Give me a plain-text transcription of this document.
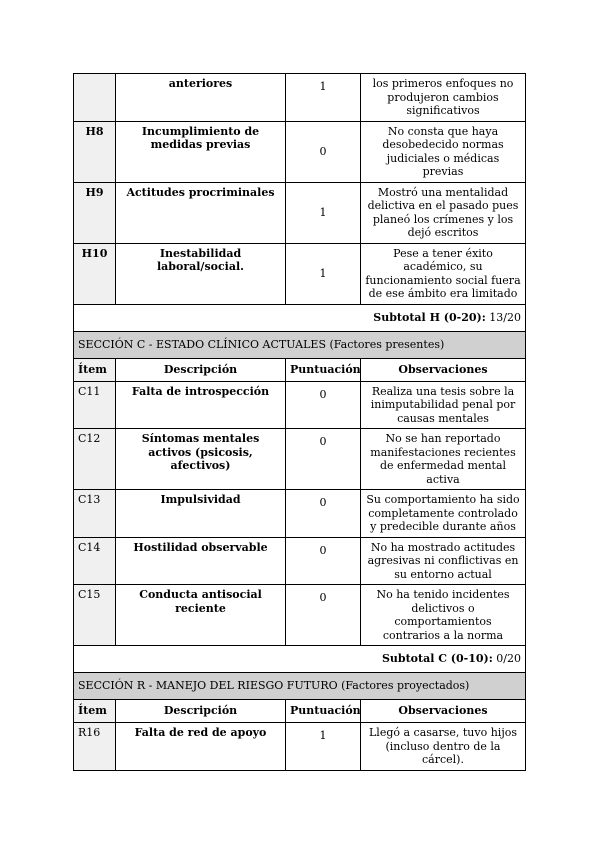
	anteriores	1	los primeros enfoques no produjeron cambios significativos
H8	Incumplimiento de medidas previas	0	No consta que haya desobedecido normas judiciales o médicas previas
H9	Actitudes procriminales	1	Mostró una mentalidad delictiva en el pasado pues planeó los crímenes y los dejó escritos
H10	Inestabilidad laboral/social.	1	Pese a tener éxito académico, su funcionamiento social fuera de ese ámbito era limitado
Subtotal H (0-20): 13/20			
SECCIÓN C - ESTADO CLÍNICO ACTUALES (Factores presentes)			
Ítem	Descripción	Puntuación	Observaciones
C11	Falta de introspección	0	Realiza una tesis sobre la inimputabilidad penal por causas mentales
C12	Síntomas mentales activos (psicosis, afectivos)	0	No se han reportado manifestaciones recientes de enfermedad mental activa
C13	Impulsividad	0	Su comportamiento ha sido completamente controlado y predecible durante años
C14	Hostilidad observable	0	No ha mostrado actitudes agresivas ni conflictivas en su entorno actual
C15	Conducta antisocial reciente	0	No ha tenido incidentes delictivos o comportamientos contrarios a la norma
Subtotal C (0-10): 0/20			
SECCIÓN R - MANEJO DEL RIESGO FUTURO (Factores proyectados)			
Ítem	Descripción	Puntuación	Observaciones
R16	Falta de red de apoyo	1	Llegó a casarse, tuvo hijos (incluso dentro de la cárcel).
